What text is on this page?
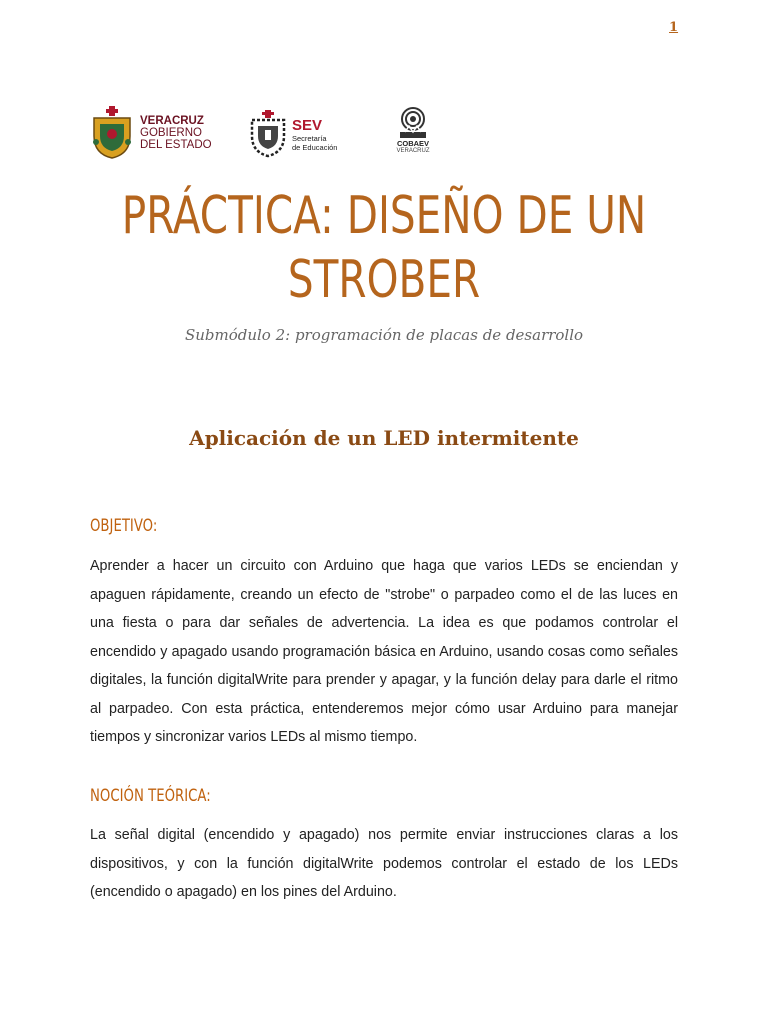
1
VERACRUZ
GOBIERNO
DEL ESTADO
SEV
Secretaría
de Educación	COBAEV
VERACRUZ
PRÁCTICA: DISEÑO DE UN STROBER
Submódulo 2: programación de placas de desarrollo
Aplicación de un LED intermitente
OBJETIVO:
Aprender a hacer un circuito con Arduino que haga que varios LEDs se enciendan y apaguen rápidamente, creando un efecto de "strobe" o parpadeo como el de las luces en una fiesta o para dar señales de advertencia. La idea es que podamos controlar el encendido y apagado usando programación básica en Arduino, usando cosas como señales digitales, la función digitalWrite para prender y apagar, y la función delay para darle el ritmo al parpadeo. Con esta práctica, entenderemos mejor cómo usar Arduino para manejar tiempos y sincronizar varios LEDs al mismo tiempo.
NOCIÓN TEÓRICA:
La señal digital (encendido y apagado) nos permite enviar instrucciones claras a los dispositivos, y con la función digitalWrite podemos controlar el estado de los LEDs (encendido o apagado) en los pines del Arduino.
